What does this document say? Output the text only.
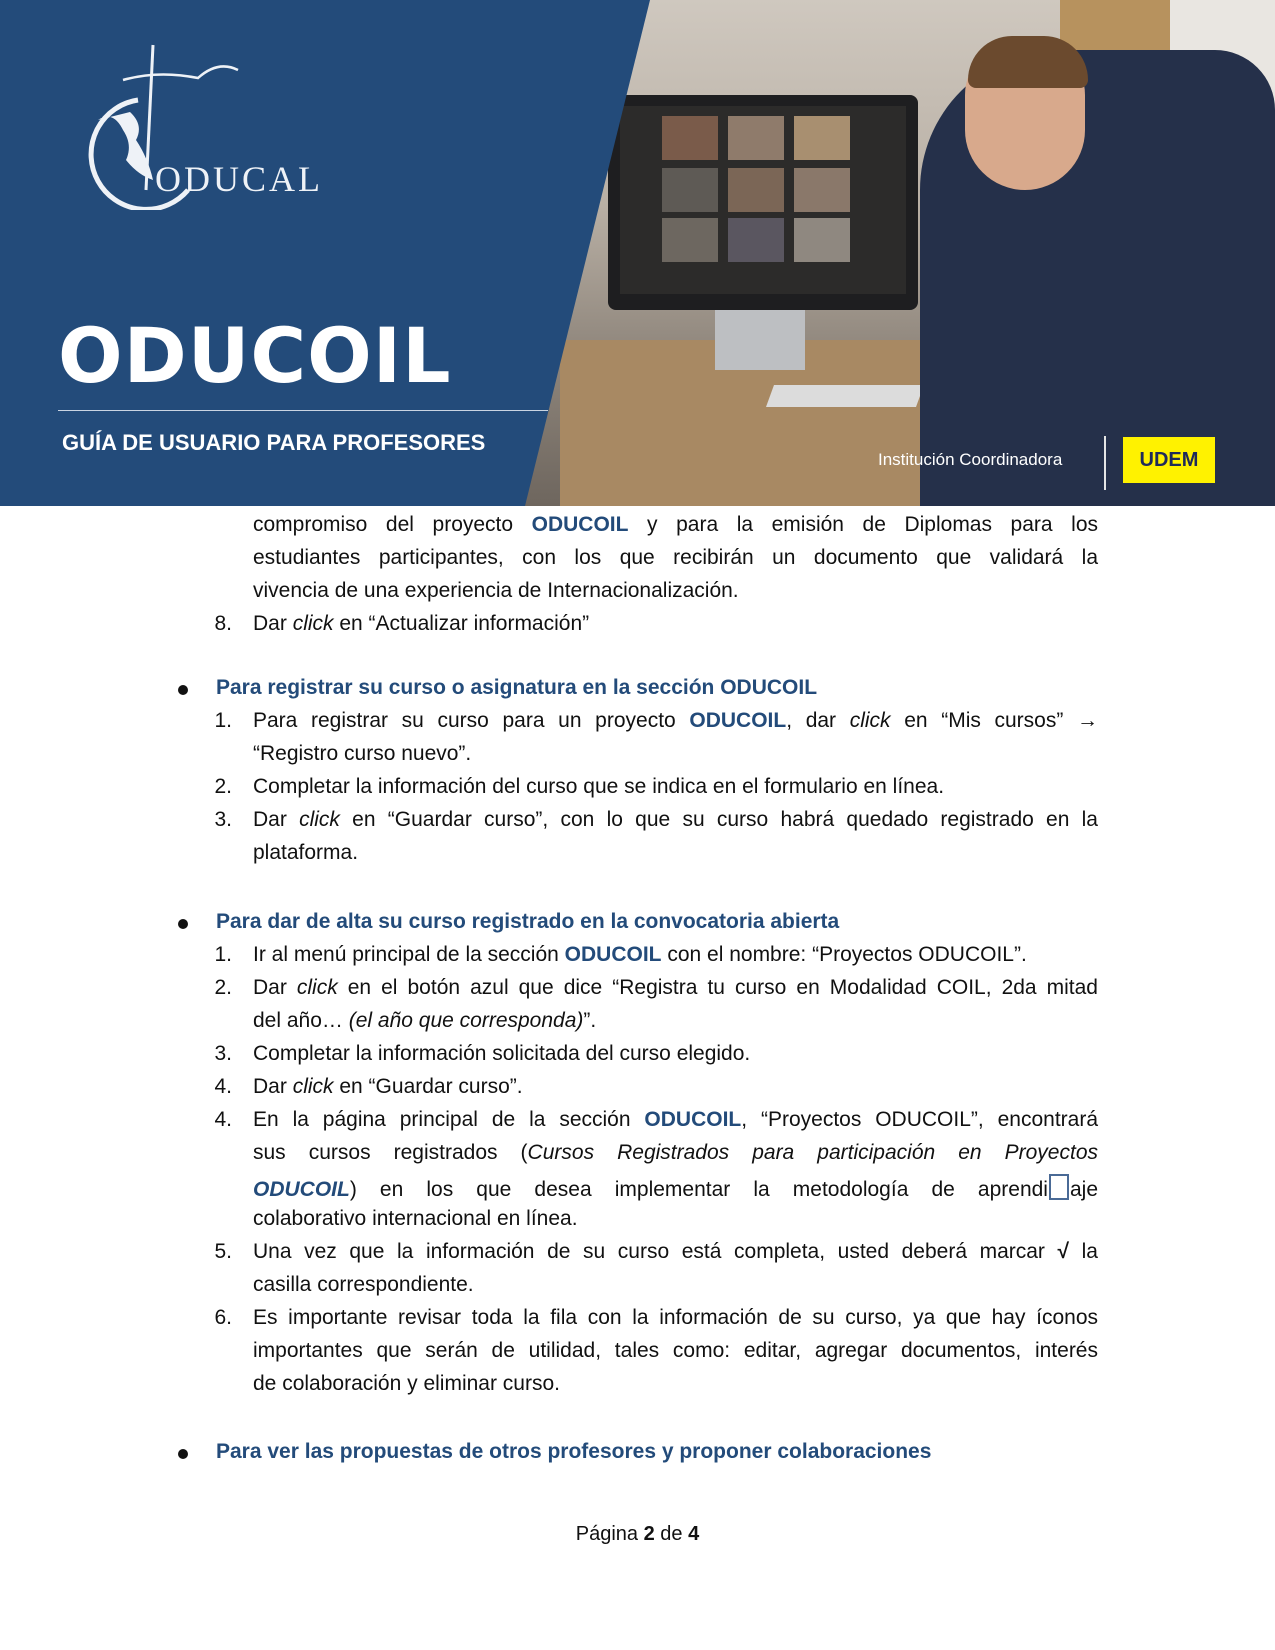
ODUCAL
ODUCOIL
GUÍA DE USUARIO PARA PROFESORES
Institución Coordinadora	UDEM
compromiso del proyecto ODUCOIL y para la emisión de Diplomas para los
estudiantes participantes, con los que recibirán un documento que validará la
vivencia de una experiencia de Internacionalización.
8. Dar click en “Actualizar información”
Para registrar su curso o asignatura en la sección ODUCOIL
1. Para registrar su curso para un proyecto ODUCOIL, dar click en “Mis cursos” →
“Registro curso nuevo”.
2. Completar la información del curso que se indica en el formulario en línea.
3. Dar click en “Guardar curso”, con lo que su curso habrá quedado registrado en la
plataforma.
Para dar de alta su curso registrado en la convocatoria abierta
1. Ir al menú principal de la sección ODUCOIL con el nombre: “Proyectos ODUCOIL”.
2. Dar click en el botón azul que dice “Registra tu curso en Modalidad COIL, 2da mitad
del año… (el año que corresponda)”.
3. Completar la información solicitada del curso elegido.
4. Dar click en “Guardar curso”.
4. En la página principal de la sección ODUCOIL, “Proyectos ODUCOIL”, encontrará
sus cursos registrados (Cursos Registrados para participación en Proyectos
ODUCOIL) en los que desea implementar la metodología de aprendi aje
colaborativo internacional en línea.
5. Una vez que la información de su curso está completa, usted deberá marcar √ la
casilla correspondiente.
6. Es importante revisar toda la fila con la información de su curso, ya que hay íconos
importantes que serán de utilidad, tales como: editar, agregar documentos, interés
de colaboración y eliminar curso.
Para ver las propuestas de otros profesores y proponer colaboraciones
Página 2 de 4
